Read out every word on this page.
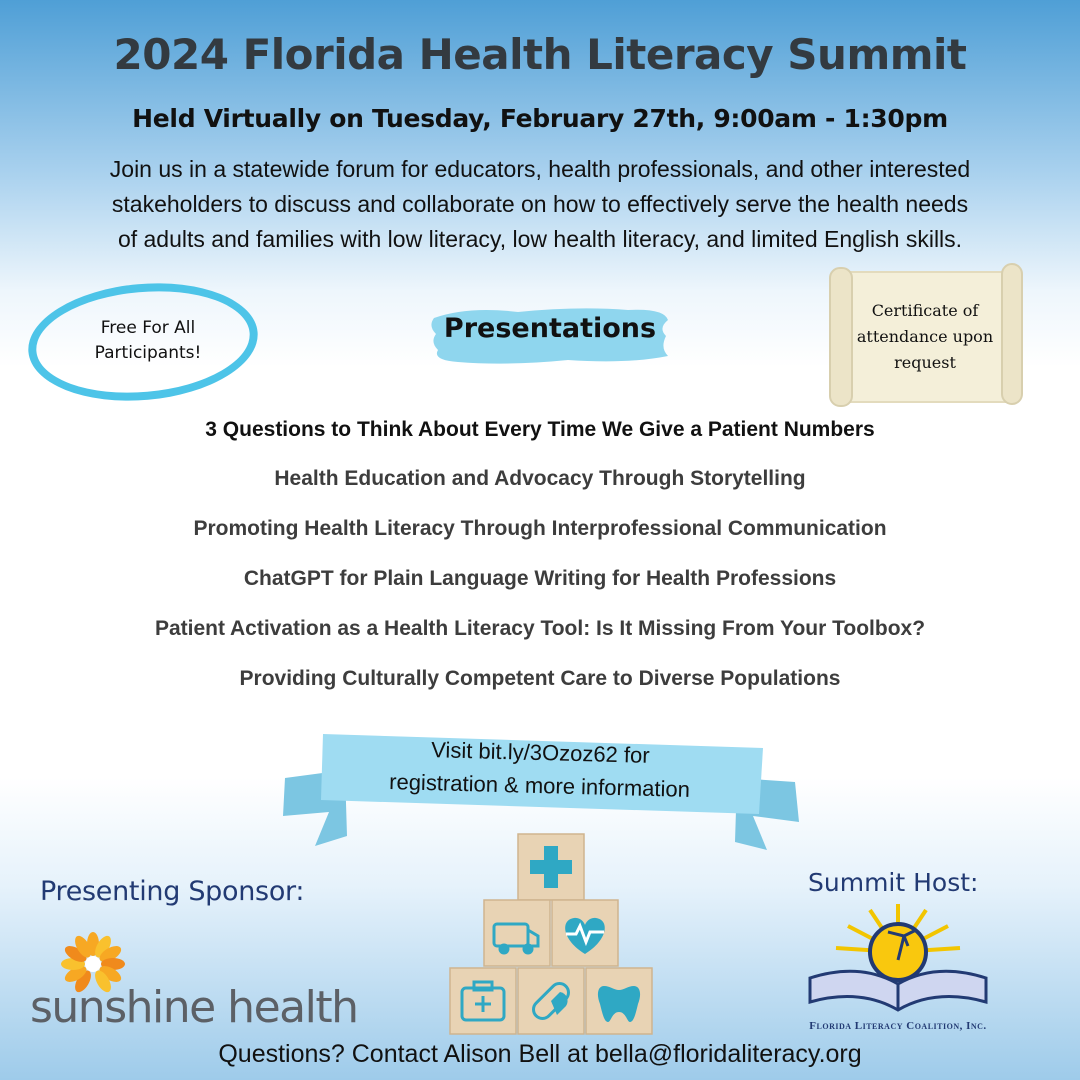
2024 Florida Health Literacy Summit
Held Virtually on Tuesday, February 27th, 9:00am - 1:30pm
Join us in a statewide forum for educators, health professionals, and other interested
stakeholders to discuss and collaborate on how to effectively serve the health needs
of adults and families with low literacy, low health literacy, and limited English skills.
Free For All
Participants!
Presentations
Certificate of
attendance upon
request
3 Questions to Think About Every Time We Give a Patient Numbers
Health Education and Advocacy Through Storytelling
Promoting Health Literacy Through Interprofessional Communication
ChatGPT for Plain Language Writing for Health Professions
Patient Activation as a Health Literacy Tool: Is It Missing From Your Toolbox?
Providing Culturally Competent Care to Diverse Populations
Visit bit.ly/3Ozoz62 for
registration & more information
Presenting Sponsor:
sunshine health
Summit Host:
Florida Literacy Coalition, Inc.
Questions? Contact Alison Bell at bella@floridaliteracy.org
